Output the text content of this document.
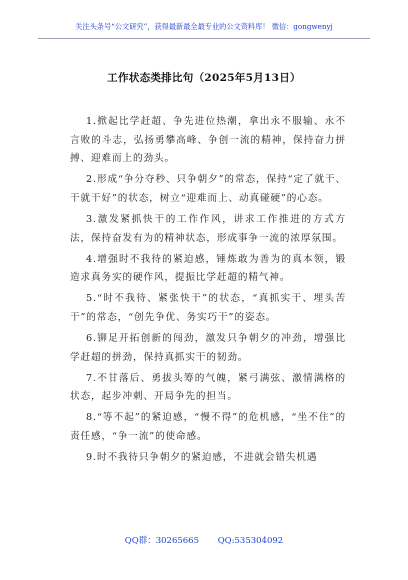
关注头条号“公文研究”，获得最新最全最专业的公文资料库！ 微信：gongwenyj
工作状态类排比句（2025年5月13日）

1.掀起比学赶超、争先进位热潮，拿出永不服输、永不言败的斗志，弘扬勇攀高峰、争创一流的精神，保持奋力拼搏、迎难而上的劲头。

2.形成“争分夺秒、只争朝夕”的常态，保持“定了就干、干就干好”的状态，树立“迎难而上、动真碰硬”的心态。

3.激发紧抓快干的工作作风，讲求工作推进的方式方法，保持奋发有为的精神状态，形成事争一流的浓厚氛围。

4.增强时不我待的紧迫感，锤炼敢为善为的真本领，锻造求真务实的硬作风，提振比学赶超的精气神。

5.“时不我待、紧张快干”的状态，“真抓实干、埋头苦干”的常态，“创先争优、务实巧干”的姿态。

6.铆足开拓创新的闯劲，激发只争朝夕的冲劲，增强比学赶超的拼劲，保持真抓实干的韧劲。

7.不甘落后、勇拔头筹的气魄，紧弓满弦、激情满格的状态，起步冲刺、开局争先的担当。

8.“等不起”的紧迫感，“慢不得”的危机感，“坐不住”的责任感，“争一流”的使命感。

9.时不我待只争朝夕的紧迫感，不进就会错失机遇

QQ群：30265665 QQ:535304092
